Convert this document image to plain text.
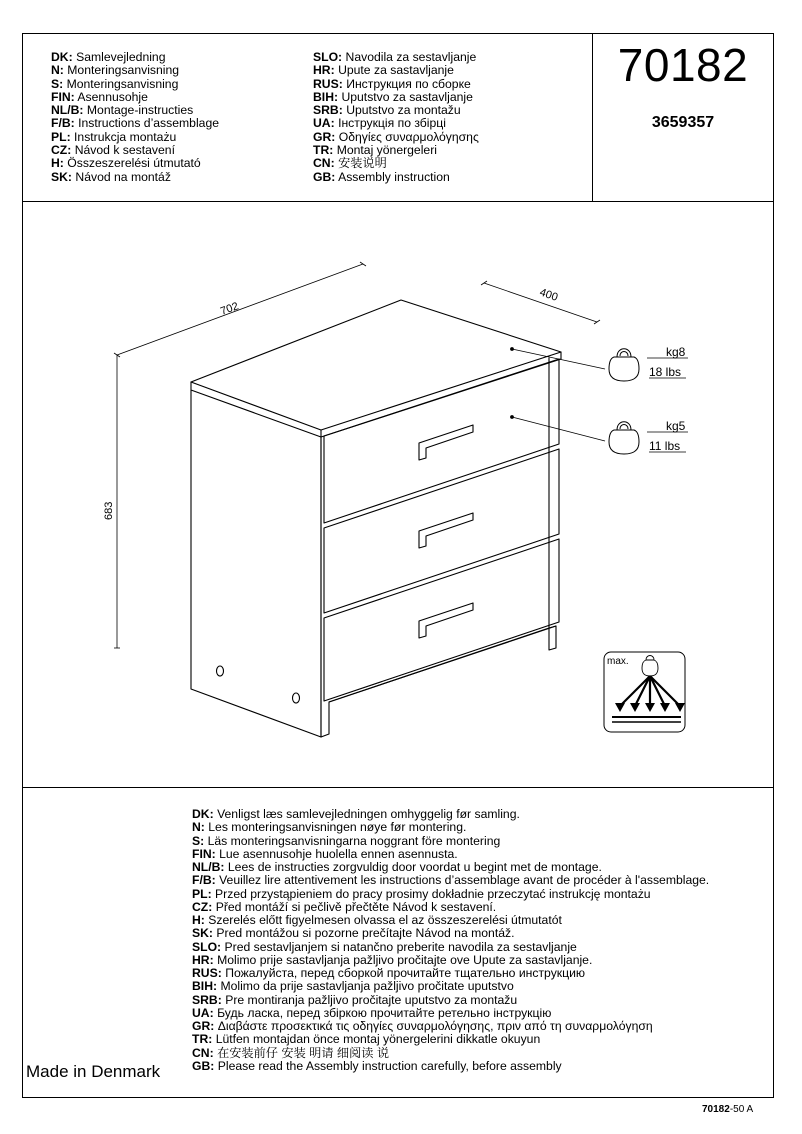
DK: Samlevejledning
N: Monteringsanvisning
S: Monteringsanvisning
FIN: Asennusohje
NL/B: Montage-instructies
F/B: Instructions d’assemblage
PL: Instrukcja montażu
CZ: Návod k sestavení
H: Összeszerelési útmutató
SK: Návod na montáž
SLO: Navodila za sestavljanje
HR: Upute za sastavljanje
RUS: Инструкция по сборке
BIH: Uputstvo za sastavljanje
SRB: Uputstvo za montažu
UA: Інструкція по збірці
GR: Οδηγίες συναρμολόγησης
TR: Montaj yönergeleri
CN: 安装说明
GB: Assembly instruction
70182
3659357
702
400
683
kg8
18 lbs
kg5
11 lbs
max.
DK: Venligst læs samlevejledningen omhyggelig før samling.
N: Les monteringsanvisningen nøye før montering.
S: Läs monteringsanvisningarna noggrant före montering
FIN: Lue asennusohje huolella ennen asennusta.
NL/B: Lees de instructies zorgvuldig door voordat u begint met de montage.
F/B: Veuillez lire attentivement les instructions d’assemblage avant de procéder à l'assemblage.
PL: Przed przystąpieniem do pracy prosimy dokładnie przeczytać instrukcję montażu
CZ: Před montáží si pečlivě přečtěte Návod k sestavení.
H: Szerelés előtt figyelmesen olvassa el az összeszerelési útmutatót
SK: Pred montážou si pozorne prečítajte Návod na montáž.
SLO: Pred sestavljanjem si natančno preberite navodila za sestavljanje
HR: Molimo prije sastavljanja pažljivo pročitajte ove Upute za sastavljanje.
RUS: Пожалуйста, перед сборкой прочитайте тщательно инструкцию
BIH: Molimo da prije sastavljanja pažljivo pročitate uputstvo
SRB: Pre montiranja pažljivo pročitajte uputstvo za montažu
UA: Будь ласка, перед збіркою прочитайте ретельно інструкцію
GR: Διαβάστε προσεκτικά τις οδηγίες συναρμολόγησης, πριν από τη συναρμολόγηση
TR: Lütfen montajdan önce montaj yönergelerini dikkatle okuyun
CN: 在安装前仔 安装 明请 细阅读 说
GB: Please read the Assembly instruction carefully, before assembly
Made in Denmark
70182-50 A
